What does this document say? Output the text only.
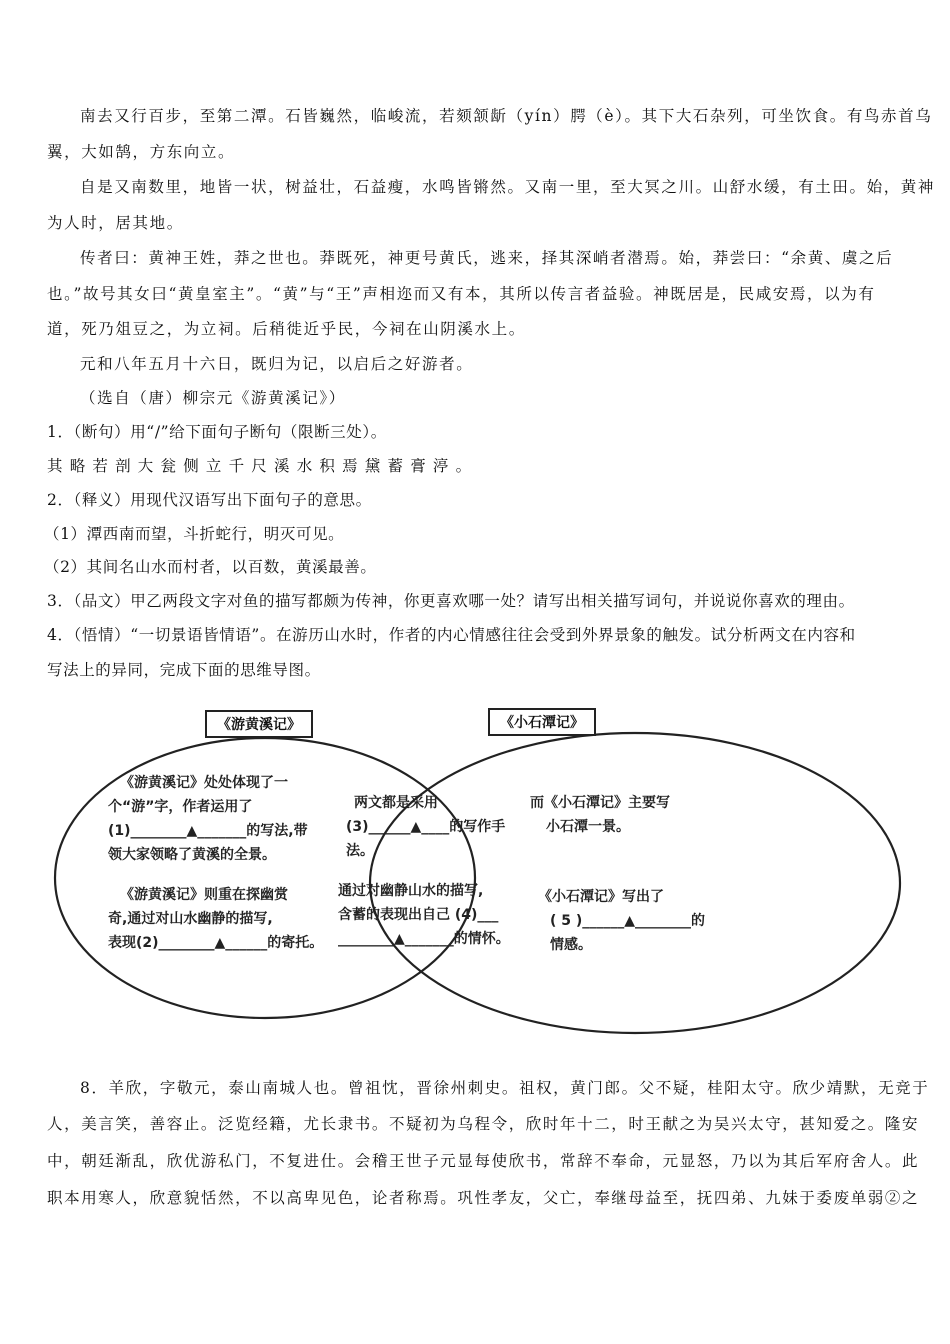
南去又行百步，至第二潭。石皆巍然，临峻流，若颏颔龂（yín）腭（è）。其下大石杂列，可坐饮食。有鸟赤首乌
翼，大如鹄，方东向立。
自是又南数里，地皆一状，树益壮，石益瘦，水鸣皆锵然。又南一里，至大冥之川。山舒水缓，有土田。始，黄神
为人时，居其地。
传者曰：黄神王姓，莽之世也。莽既死，神更号黄氏，逃来，择其深峭者潜焉。始，莽尝曰：“余黄、虞之后
也。”故号其女曰“黄皇室主”。“黄”与“王”声相迩而又有本，其所以传言者益验。神既居是，民咸安焉，以为有
道，死乃俎豆之，为立祠。后稍徙近乎民，今祠在山阴溪水上。
元和八年五月十六日，既归为记，以启后之好游者。
（选自（唐）柳宗元《游黄溪记》）
1．（断句）用“/”给下面句子断句（限断三处）。
其略若剖大瓮侧立千尺溪水积焉黛蓄膏渟。
2．（释义）用现代汉语写出下面句子的意思。
（1）潭西南而望，斗折蛇行，明灭可见。
（2）其间名山水而村者，以百数，黄溪最善。
3．（品文）甲乙两段文字对鱼的描写都颇为传神，你更喜欢哪一处？请写出相关描写词句，并说说你喜欢的理由。
4．（悟情）“一切景语皆情语”。在游历山水时，作者的内心情感往往会受到外界景象的触发。试分析两文在内容和
写法上的异同，完成下面的思维导图。
《游黄溪记》	《小石潭记》
《游黄溪记》处处体现了一
个“游”字，作者运用了
(1)________▲_______的写法,带
领大家领略了黄溪的全景。
《游黄溪记》则重在探幽赏
奇,通过对山水幽静的描写,
表现(2)________▲______的寄托。
两文都是采用
(3)______▲____的写作手
法。
通过对幽静山水的描写,
含蓄的表现出自己 (4)___
________▲_______的情怀。
而《小石潭记》主要写
小石潭一景。
《小石潭记》写出了
( 5 )______▲________的
情感。
8．羊欣，字敬元，泰山南城人也。曾祖忱，晋徐州刺史。祖权，黄门郎。父不疑，桂阳太守。欣少靖默，无竞于
人，美言笑，善容止。泛览经籍，尤长隶书。不疑初为乌程令，欣时年十二，时王献之为吴兴太守，甚知爱之。隆安
中，朝廷渐乱，欣优游私门，不复进仕。会稽王世子元显每使欣书，常辞不奉命，元显怒，乃以为其后军府舍人。此
职本用寒人，欣意貌恬然，不以高卑见色，论者称焉。巩性孝友，父亡，奉继母益至，抚四弟、九妹于委废单弱②之
